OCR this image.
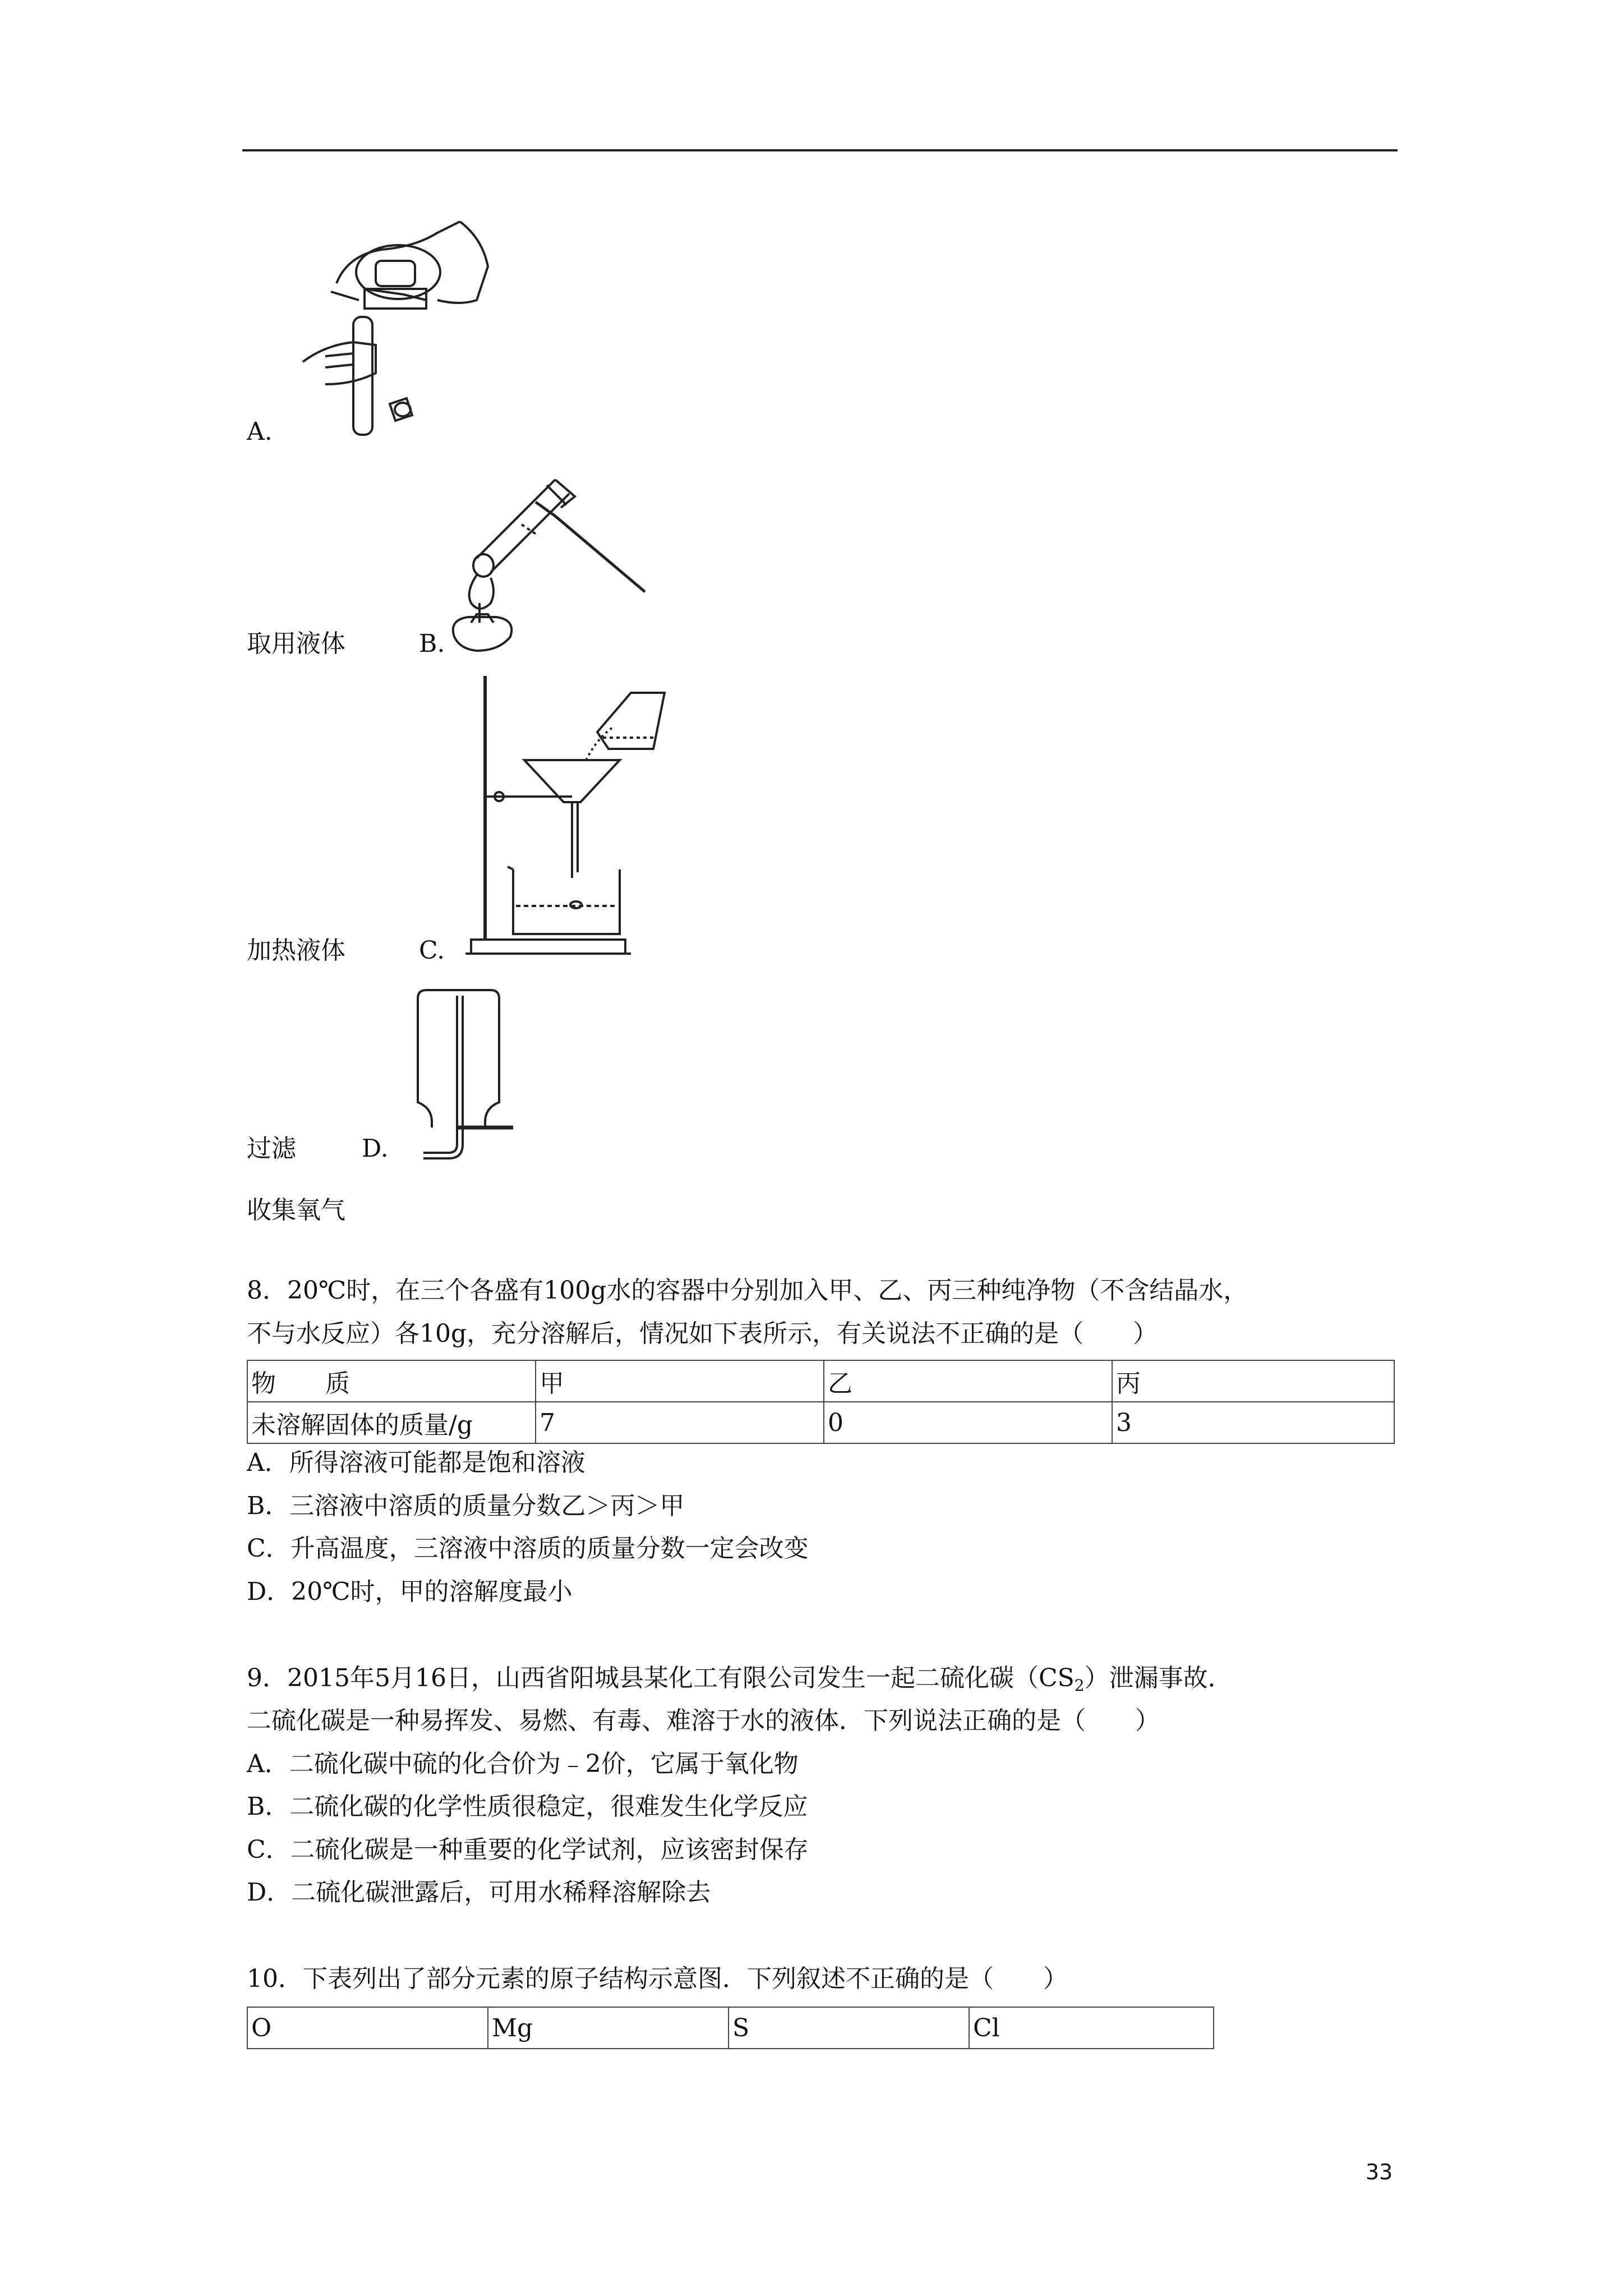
A.
取用液体	B.
加热液体	C.
过滤	D.
收集氧气
8．20℃时，在三个各盛有100g水的容器中分别加入甲、乙、丙三种纯净物（不含结晶水，
不与水反应）各10g，充分溶解后，情况如下表所示，有关说法不正确的是（　　）
物　　质	甲	乙	丙
未溶解固体的质量/g	7	0	3
A．所得溶液可能都是饱和溶液
B．三溶液中溶质的质量分数乙＞丙＞甲
C．升高温度，三溶液中溶质的质量分数一定会改变
D．20℃时，甲的溶解度最小
9．2015年5月16日，山西省阳城县某化工有限公司发生一起二硫化碳$(CS_2)$泄漏事故．
二硫化碳是一种易挥发、易燃、有毒、难溶于水的液体．下列说法正确的是（　　）
A．二硫化碳中硫的化合价为﹣2价，它属于氧化物
B．二硫化碳的化学性质很稳定，很难发生化学反应
C．二硫化碳是一种重要的化学试剂，应该密封保存
D．二硫化碳泄露后，可用水稀释溶解除去
10．下表列出了部分元素的原子结构示意图．下列叙述不正确的是（　　）
O	Mg	S	Cl
33
